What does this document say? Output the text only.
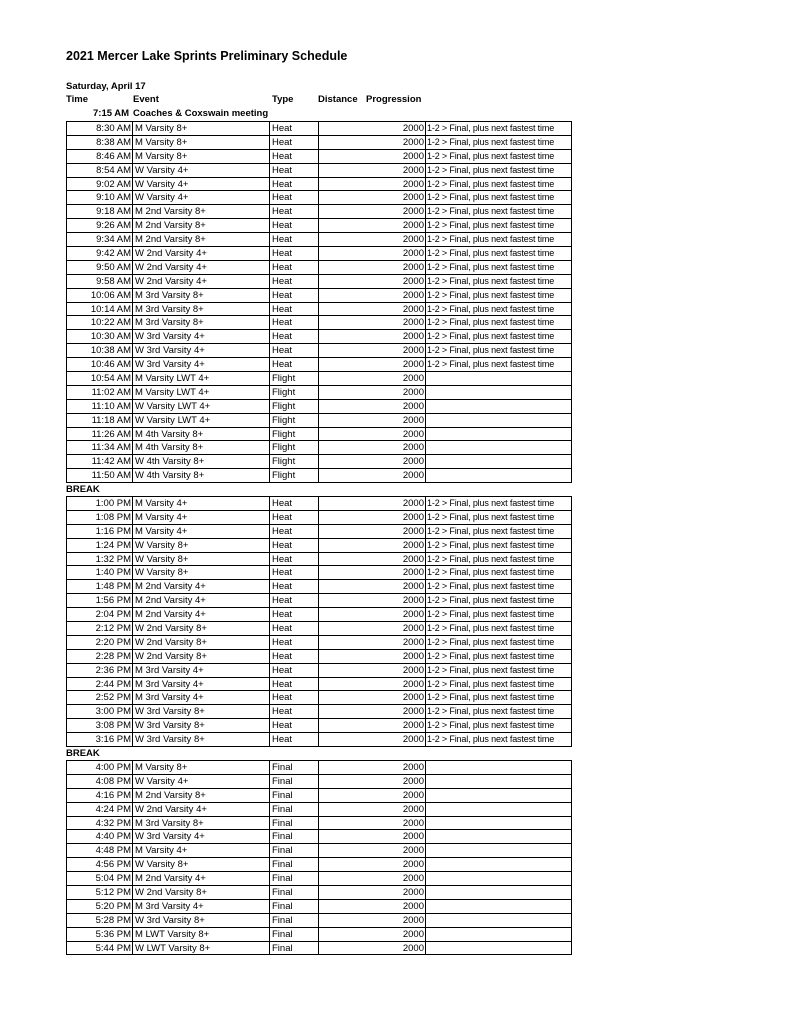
2021 Mercer Lake Sprints Preliminary Schedule
Saturday, April 17
Time	Event	Type	Distance Progression
7:15 AM Coaches & Coxswain meeting
8:30 AM	M Varsity 8+	Heat	2000	1-2 > Final, plus next fastest time
8:38 AM	M Varsity 8+	Heat	2000	1-2 > Final, plus next fastest time
8:46 AM	M Varsity 8+	Heat	2000	1-2 > Final, plus next fastest time
8:54 AM	W Varsity 4+	Heat	2000	1-2 > Final, plus next fastest time
9:02 AM	W Varsity 4+	Heat	2000	1-2 > Final, plus next fastest time
9:10 AM	W Varsity 4+	Heat	2000	1-2 > Final, plus next fastest time
9:18 AM	M 2nd Varsity 8+	Heat	2000	1-2 > Final, plus next fastest time
9:26 AM	M 2nd Varsity 8+	Heat	2000	1-2 > Final, plus next fastest time
9:34 AM	M 2nd Varsity 8+	Heat	2000	1-2 > Final, plus next fastest time
9:42 AM	W 2nd Varsity 4+	Heat	2000	1-2 > Final, plus next fastest time
9:50 AM	W 2nd Varsity 4+	Heat	2000	1-2 > Final, plus next fastest time
9:58 AM	W 2nd Varsity 4+	Heat	2000	1-2 > Final, plus next fastest time
10:06 AM	M 3rd Varsity 8+	Heat	2000	1-2 > Final, plus next fastest time
10:14 AM	M 3rd Varsity 8+	Heat	2000	1-2 > Final, plus next fastest time
10:22 AM	M 3rd Varsity 8+	Heat	2000	1-2 > Final, plus next fastest time
10:30 AM	W 3rd Varsity 4+	Heat	2000	1-2 > Final, plus next fastest time
10:38 AM	W 3rd Varsity 4+	Heat	2000	1-2 > Final, plus next fastest time
10:46 AM	W 3rd Varsity 4+	Heat	2000	1-2 > Final, plus next fastest time
10:54 AM	M Varsity LWT 4+	Flight	2000	
11:02 AM	M Varsity LWT 4+	Flight	2000	
11:10 AM	W Varsity LWT 4+	Flight	2000	
11:18 AM	W Varsity LWT 4+	Flight	2000	
11:26 AM	M 4th Varsity 8+	Flight	2000	
11:34 AM	M 4th Varsity 8+	Flight	2000	
11:42 AM	W 4th Varsity 8+	Flight	2000	
11:50 AM	W 4th Varsity 8+	Flight	2000	
BREAK
1:00 PM	M Varsity 4+	Heat	2000	1-2 > Final, plus next fastest time
1:08 PM	M Varsity 4+	Heat	2000	1-2 > Final, plus next fastest time
1:16 PM	M Varsity 4+	Heat	2000	1-2 > Final, plus next fastest time
1:24 PM	W Varsity 8+	Heat	2000	1-2 > Final, plus next fastest time
1:32 PM	W Varsity 8+	Heat	2000	1-2 > Final, plus next fastest time
1:40 PM	W Varsity 8+	Heat	2000	1-2 > Final, plus next fastest time
1:48 PM	M 2nd Varsity 4+	Heat	2000	1-2 > Final, plus next fastest time
1:56 PM	M 2nd Varsity 4+	Heat	2000	1-2 > Final, plus next fastest time
2:04 PM	M 2nd Varsity 4+	Heat	2000	1-2 > Final, plus next fastest time
2:12 PM	W 2nd Varsity 8+	Heat	2000	1-2 > Final, plus next fastest time
2:20 PM	W 2nd Varsity 8+	Heat	2000	1-2 > Final, plus next fastest time
2:28 PM	W 2nd Varsity 8+	Heat	2000	1-2 > Final, plus next fastest time
2:36 PM	M 3rd Varsity 4+	Heat	2000	1-2 > Final, plus next fastest time
2:44 PM	M 3rd Varsity 4+	Heat	2000	1-2 > Final, plus next fastest time
2:52 PM	M 3rd Varsity 4+	Heat	2000	1-2 > Final, plus next fastest time
3:00 PM	W 3rd Varsity 8+	Heat	2000	1-2 > Final, plus next fastest time
3:08 PM	W 3rd Varsity 8+	Heat	2000	1-2 > Final, plus next fastest time
3:16 PM	W 3rd Varsity 8+	Heat	2000	1-2 > Final, plus next fastest time
BREAK
4:00 PM	M Varsity 8+	Final	2000	
4:08 PM	W Varsity 4+	Final	2000	
4:16 PM	M 2nd Varsity 8+	Final	2000	
4:24 PM	W 2nd Varsity 4+	Final	2000	
4:32 PM	M 3rd Varsity 8+	Final	2000	
4:40 PM	W 3rd Varsity 4+	Final	2000	
4:48 PM	M Varsity 4+	Final	2000	
4:56 PM	W Varsity 8+	Final	2000	
5:04 PM	M 2nd Varsity 4+	Final	2000	
5:12 PM	W 2nd Varsity 8+	Final	2000	
5:20 PM	M 3rd Varsity 4+	Final	2000	
5:28 PM	W 3rd Varsity 8+	Final	2000	
5:36 PM	M LWT Varsity 8+	Final	2000	
5:44 PM	W LWT Varsity 8+	Final	2000	
